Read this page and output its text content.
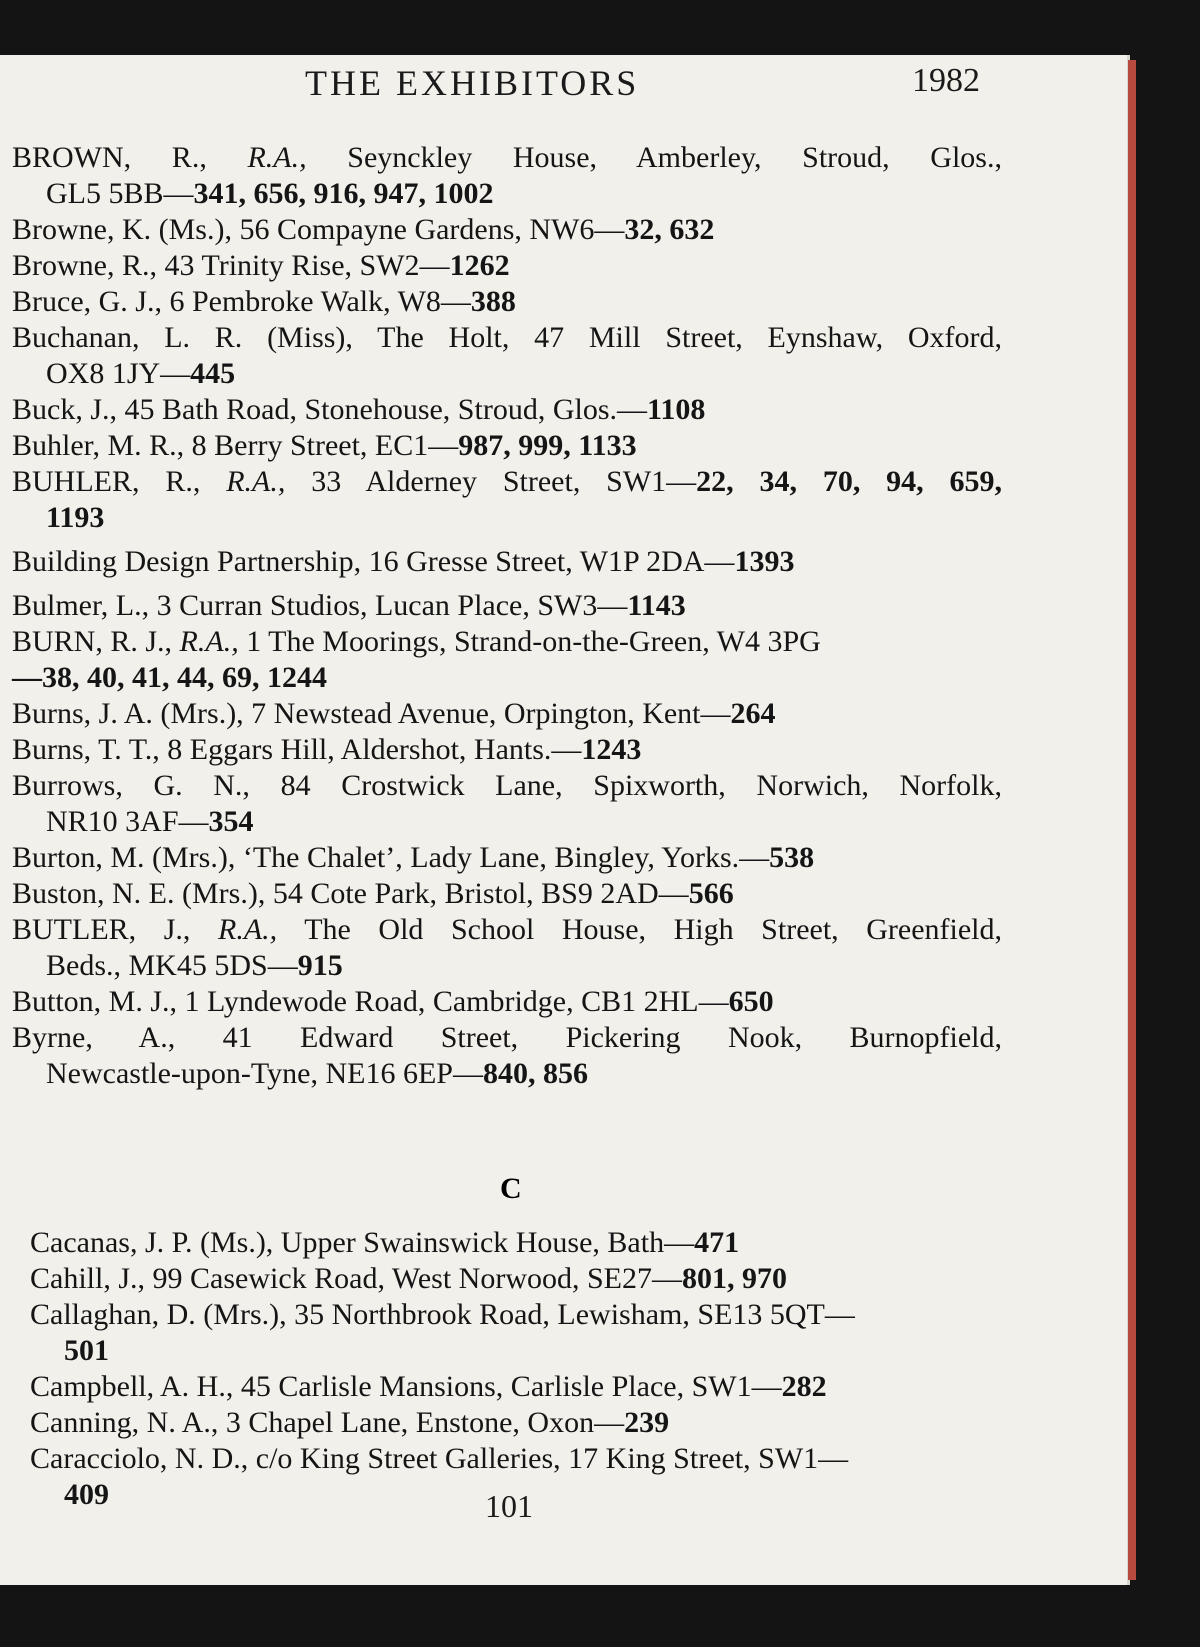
THE EXHIBITORS	1982

BROWN, R., R.A., Seynckley House, Amberley, Stroud, Glos.,
GL5 5BB—341, 656, 916, 947, 1002

Browne, K. (Ms.), 56 Compayne Gardens, NW6—32, 632

Browne, R., 43 Trinity Rise, SW2—1262

Bruce, G. J., 6 Pembroke Walk, W8—388

Buchanan, L. R. (Miss), The Holt, 47 Mill Street, Eynshaw, Oxford,
OX8 1JY—445

Buck, J., 45 Bath Road, Stonehouse, Stroud, Glos.—1108

Buhler, M. R., 8 Berry Street, EC1—987, 999, 1133

BUHLER, R., R.A., 33 Alderney Street, SW1—22, 34, 70, 94, 659,
1193

Building Design Partnership, 16 Gresse Street, W1P 2DA—1393

Bulmer, L., 3 Curran Studios, Lucan Place, SW3—1143

BURN, R. J., R.A., 1 The Moorings, Strand-on-the-Green, W4 3PG
—38, 40, 41, 44, 69, 1244

Burns, J. A. (Mrs.), 7 Newstead Avenue, Orpington, Kent—264

Burns, T. T., 8 Eggars Hill, Aldershot, Hants.—1243

Burrows, G. N., 84 Crostwick Lane, Spixworth, Norwich, Norfolk,
NR10 3AF—354

Burton, M. (Mrs.), ‘The Chalet’, Lady Lane, Bingley, Yorks.—538

Buston, N. E. (Mrs.), 54 Cote Park, Bristol, BS9 2AD—566

BUTLER, J., R.A., The Old School House, High Street, Greenfield,
Beds., MK45 5DS—915

Button, M. J., 1 Lyndewode Road, Cambridge, CB1 2HL—650

Byrne, A., 41 Edward Street, Pickering Nook, Burnopfield,
Newcastle-upon-Tyne, NE16 6EP—840, 856

C

Cacanas, J. P. (Ms.), Upper Swainswick House, Bath—471

Cahill, J., 99 Casewick Road, West Norwood, SE27—801, 970

Callaghan, D. (Mrs.), 35 Northbrook Road, Lewisham, SE13 5QT—
501

Campbell, A. H., 45 Carlisle Mansions, Carlisle Place, SW1—282

Canning, N. A., 3 Chapel Lane, Enstone, Oxon—239

Caracciolo, N. D., c/o King Street Galleries, 17 King Street, SW1—
409	101
